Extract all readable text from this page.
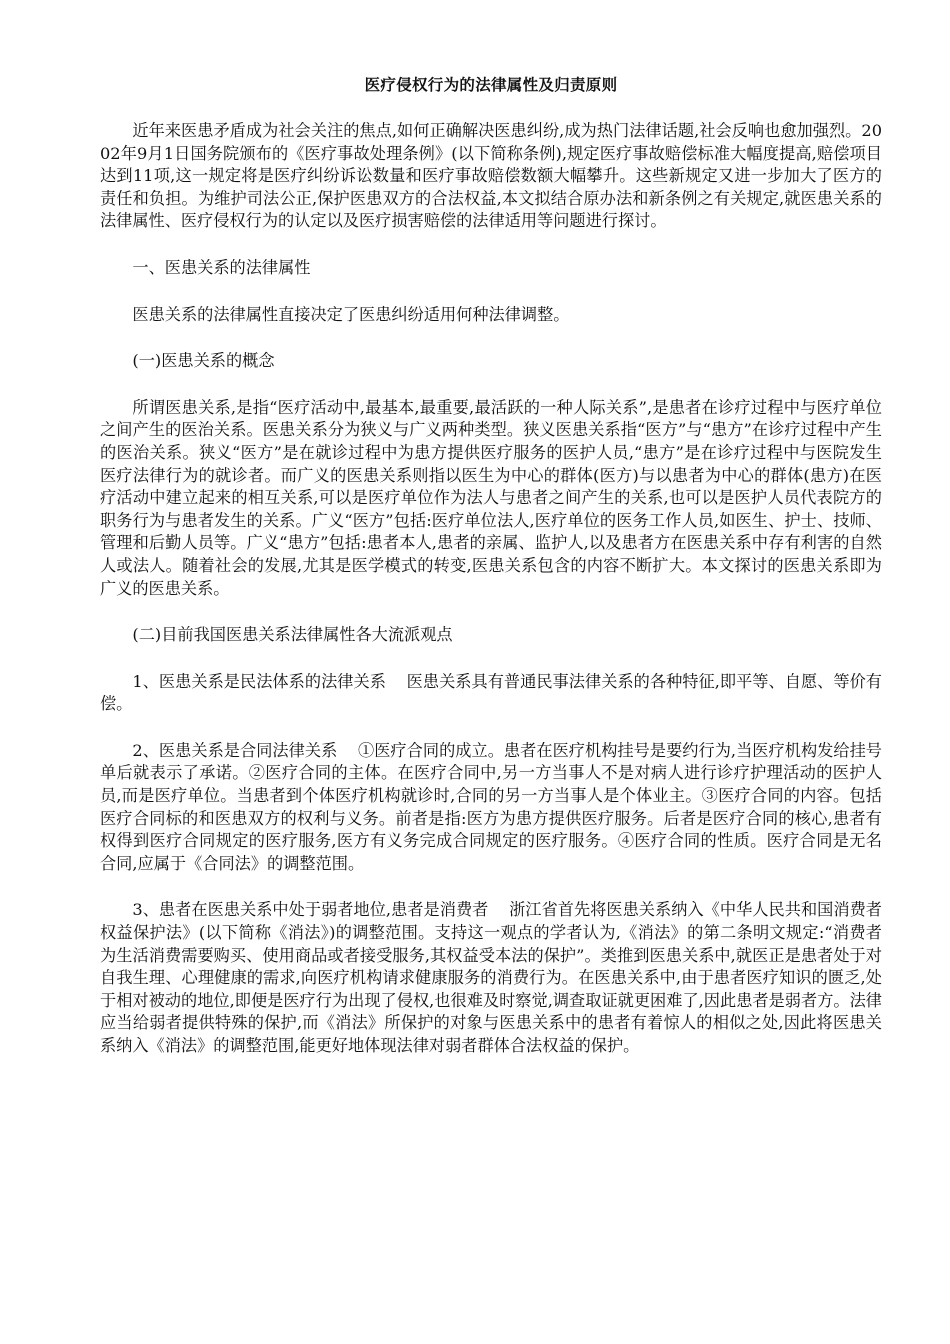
医疗侵权行为的法律属性及归责原则
近年来医患矛盾成为社会关注的焦点,如何正确解决医患纠纷,成为热门法律话题,社会反响也愈加强烈。2002年9月1日国务院颁布的《医疗事故处理条例》(以下简称条例),规定医疗事故赔偿标准大幅度提高,赔偿项目达到11项,这一规定将是医疗纠纷诉讼数量和医疗事故赔偿数额大幅攀升。这些新规定又进一步加大了医方的责任和负担。为维护司法公正,保护医患双方的合法权益,本文拟结合原办法和新条例之有关规定,就医患关系的法律属性、医疗侵权行为的认定以及医疗损害赔偿的法律适用等问题进行探讨。
一、医患关系的法律属性
医患关系的法律属性直接决定了医患纠纷适用何种法律调整。
(一)医患关系的概念
所谓医患关系,是指“医疗活动中,最基本,最重要,最活跃的一种人际关系”,是患者在诊疗过程中与医疗单位之间产生的医治关系。医患关系分为狭义与广义两种类型。狭义医患关系指“医方”与“患方”在诊疗过程中产生的医治关系。狭义“医方”是在就诊过程中为患方提供医疗服务的医护人员,“患方”是在诊疗过程中与医院发生医疗法律行为的就诊者。而广义的医患关系则指以医生为中心的群体(医方)与以患者为中心的群体(患方)在医疗活动中建立起来的相互关系,可以是医疗单位作为法人与患者之间产生的关系,也可以是医护人员代表院方的职务行为与患者发生的关系。广义“医方”包括:医疗单位法人,医疗单位的医务工作人员,如医生、护士、技师、管理和后勤人员等。广义“患方”包括:患者本人,患者的亲属、监护人,以及患者方在医患关系中存有利害的自然人或法人。随着社会的发展,尤其是医学模式的转变,医患关系包含的内容不断扩大。本文探讨的医患关系即为广义的医患关系。
(二)目前我国医患关系法律属性各大流派观点
1、医患关系是民法体系的法律关系 医患关系具有普通民事法律关系的各种特征,即平等、自愿、等价有偿。
2、医患关系是合同法律关系 ①医疗合同的成立。患者在医疗机构挂号是要约行为,当医疗机构发给挂号单后就表示了承诺。②医疗合同的主体。在医疗合同中,另一方当事人不是对病人进行诊疗护理活动的医护人员,而是医疗单位。当患者到个体医疗机构就诊时,合同的另一方当事人是个体业主。③医疗合同的内容。包括医疗合同标的和医患双方的权利与义务。前者是指:医方为患方提供医疗服务。后者是医疗合同的核心,患者有权得到医疗合同规定的医疗服务,医方有义务完成合同规定的医疗服务。④医疗合同的性质。医疗合同是无名合同,应属于《合同法》的调整范围。
3、患者在医患关系中处于弱者地位,患者是消费者 浙江省首先将医患关系纳入《中华人民共和国消费者权益保护法》(以下简称《消法》)的调整范围。支持这一观点的学者认为,《消法》的第二条明文规定:“消费者为生活消费需要购买、使用商品或者接受服务,其权益受本法的保护”。类推到医患关系中,就医正是患者处于对自我生理、心理健康的需求,向医疗机构请求健康服务的消费行为。在医患关系中,由于患者医疗知识的匮乏,处于相对被动的地位,即便是医疗行为出现了侵权,也很难及时察觉,调查取证就更困难了,因此患者是弱者方。法律应当给弱者提供特殊的保护,而《消法》所保护的对象与医患关系中的患者有着惊人的相似之处,因此将医患关系纳入《消法》的调整范围,能更好地体现法律对弱者群体合法权益的保护。
